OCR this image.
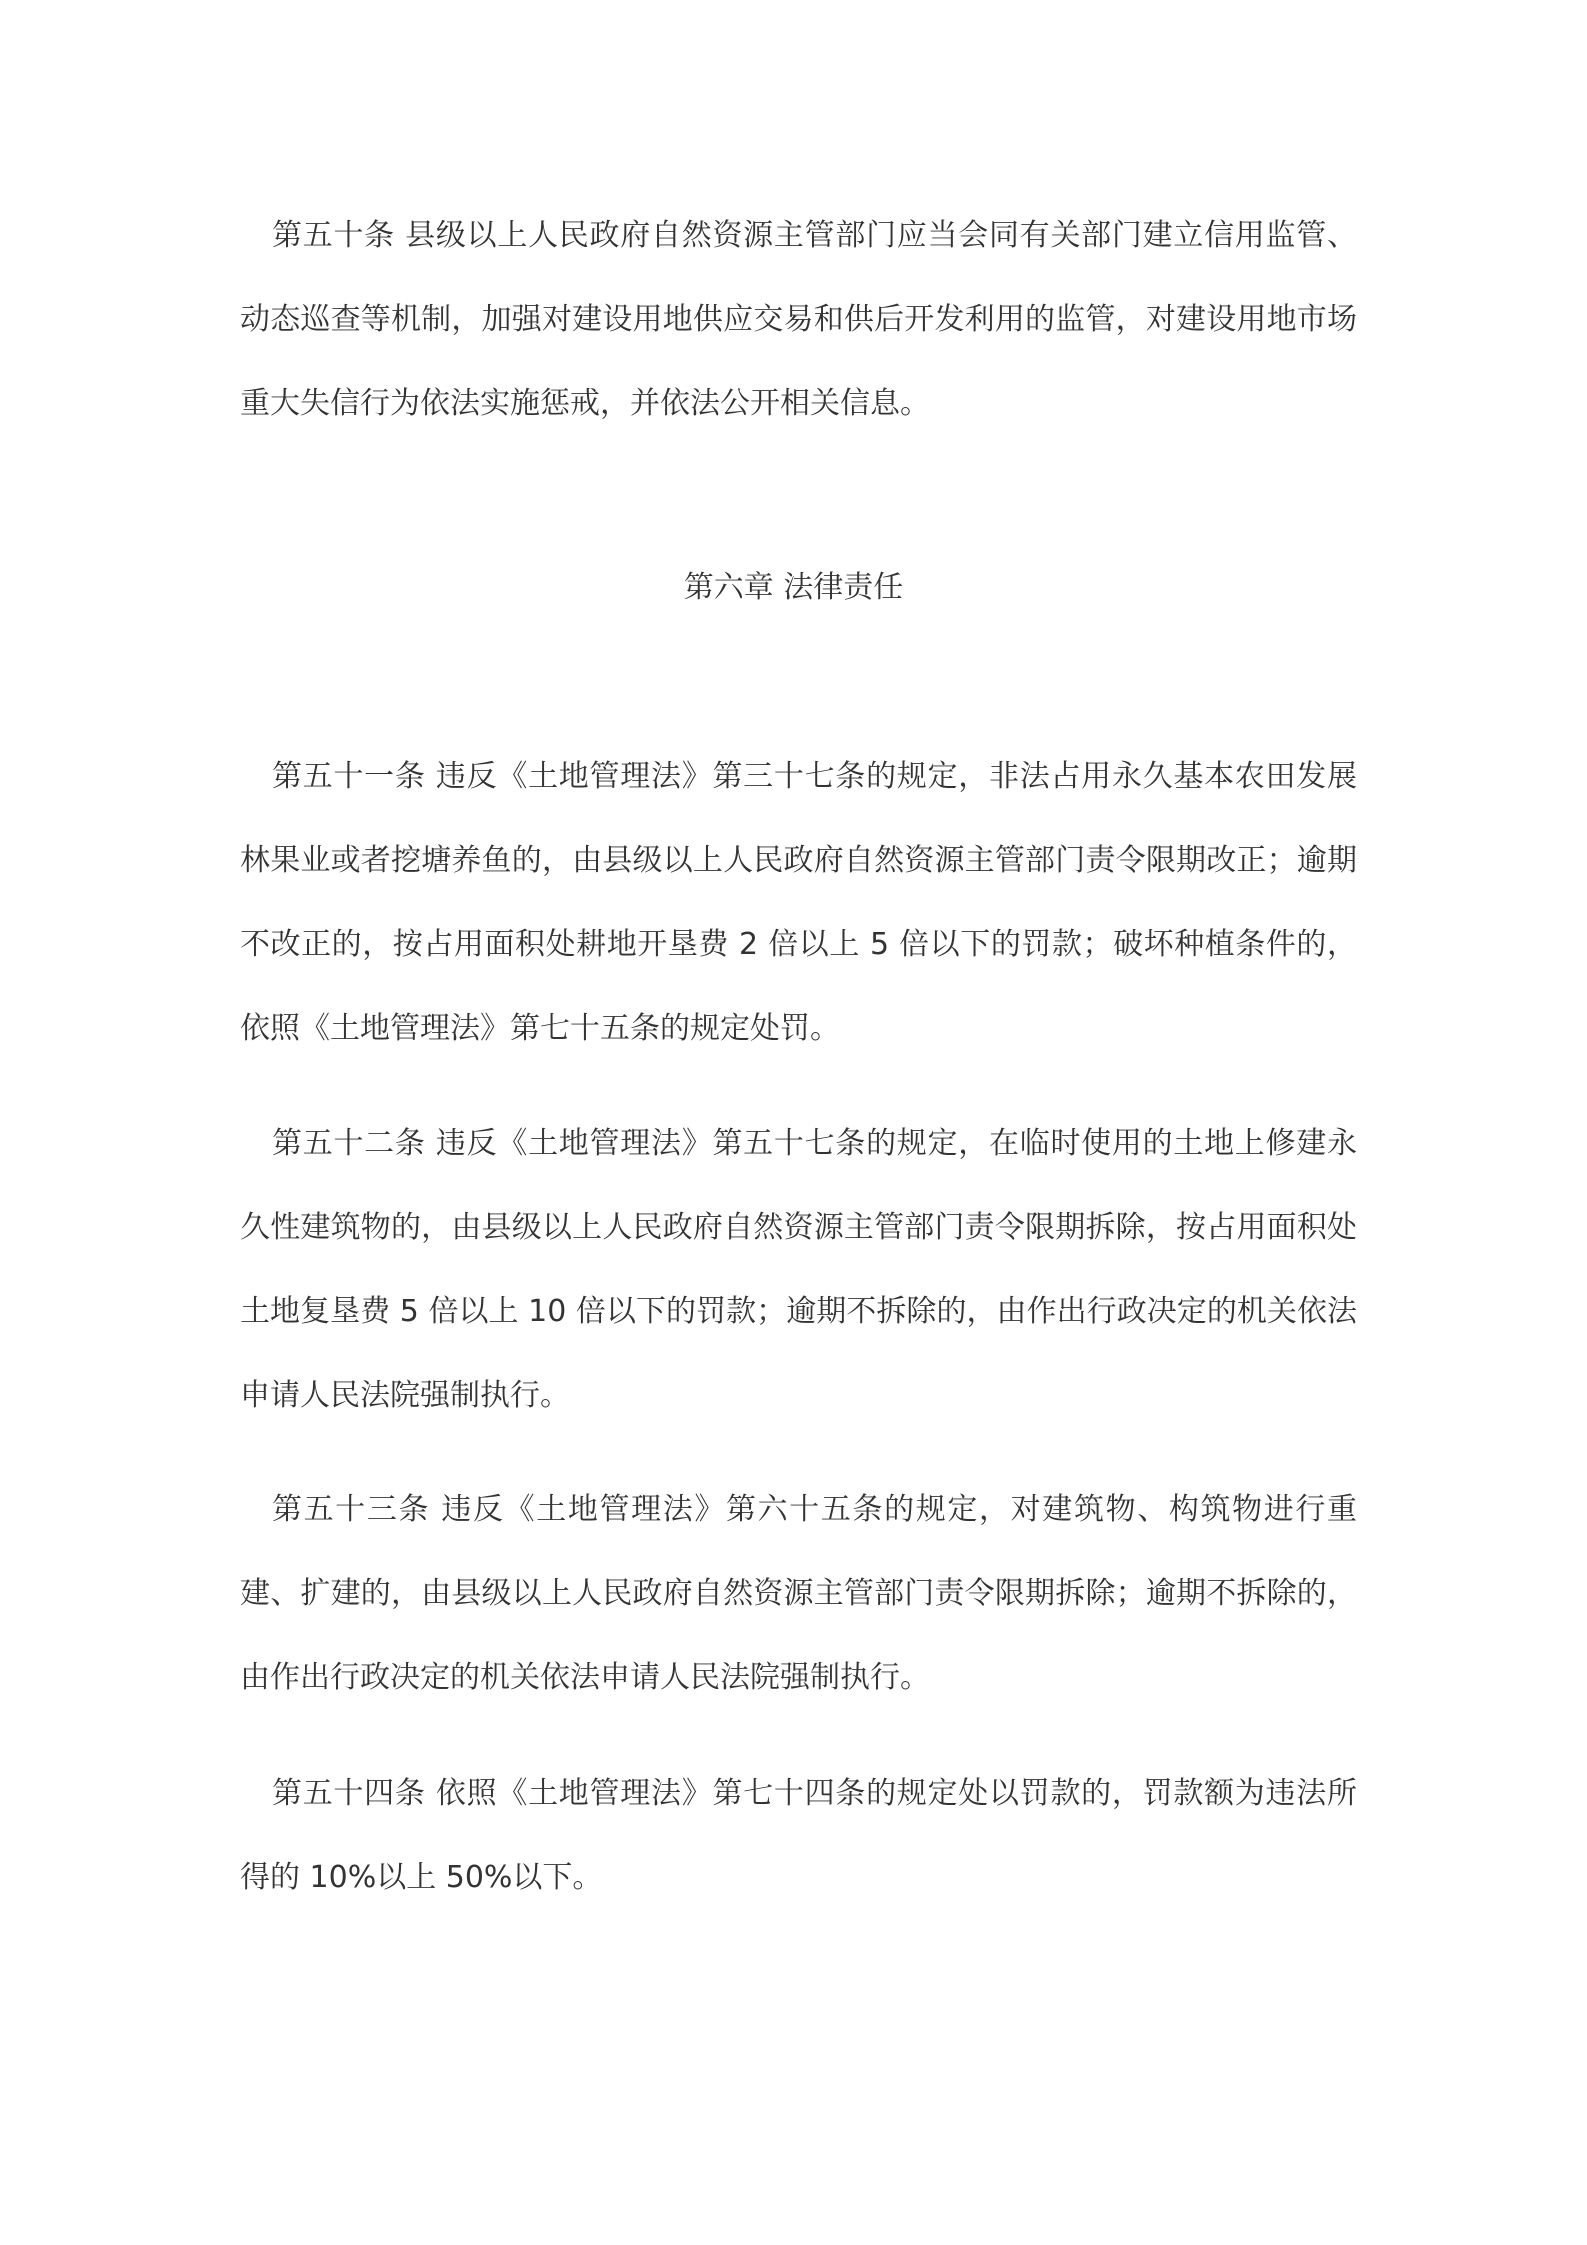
第五十条 县级以上人民政府自然资源主管部门应当会同有关部门建立信用监管、动态巡查等机制，加强对建设用地供应交易和供后开发利用的监管，对建设用地市场重大失信行为依法实施惩戒，并依法公开相关信息。

第六章 法律责任

第五十一条 违反《土地管理法》第三十七条的规定，非法占用永久基本农田发展林果业或者挖塘养鱼的，由县级以上人民政府自然资源主管部门责令限期改正；逾期不改正的，按占用面积处耕地开垦费 2 倍以上 5 倍以下的罚款；破坏种植条件的，依照《土地管理法》第七十五条的规定处罚。

第五十二条 违反《土地管理法》第五十七条的规定，在临时使用的土地上修建永久性建筑物的，由县级以上人民政府自然资源主管部门责令限期拆除，按占用面积处土地复垦费 5 倍以上 10 倍以下的罚款；逾期不拆除的，由作出行政决定的机关依法申请人民法院强制执行。

第五十三条 违反《土地管理法》第六十五条的规定，对建筑物、构筑物进行重建、扩建的，由县级以上人民政府自然资源主管部门责令限期拆除；逾期不拆除的，由作出行政决定的机关依法申请人民法院强制执行。

第五十四条 依照《土地管理法》第七十四条的规定处以罚款的，罚款额为违法所得的 10%以上 50%以下。
